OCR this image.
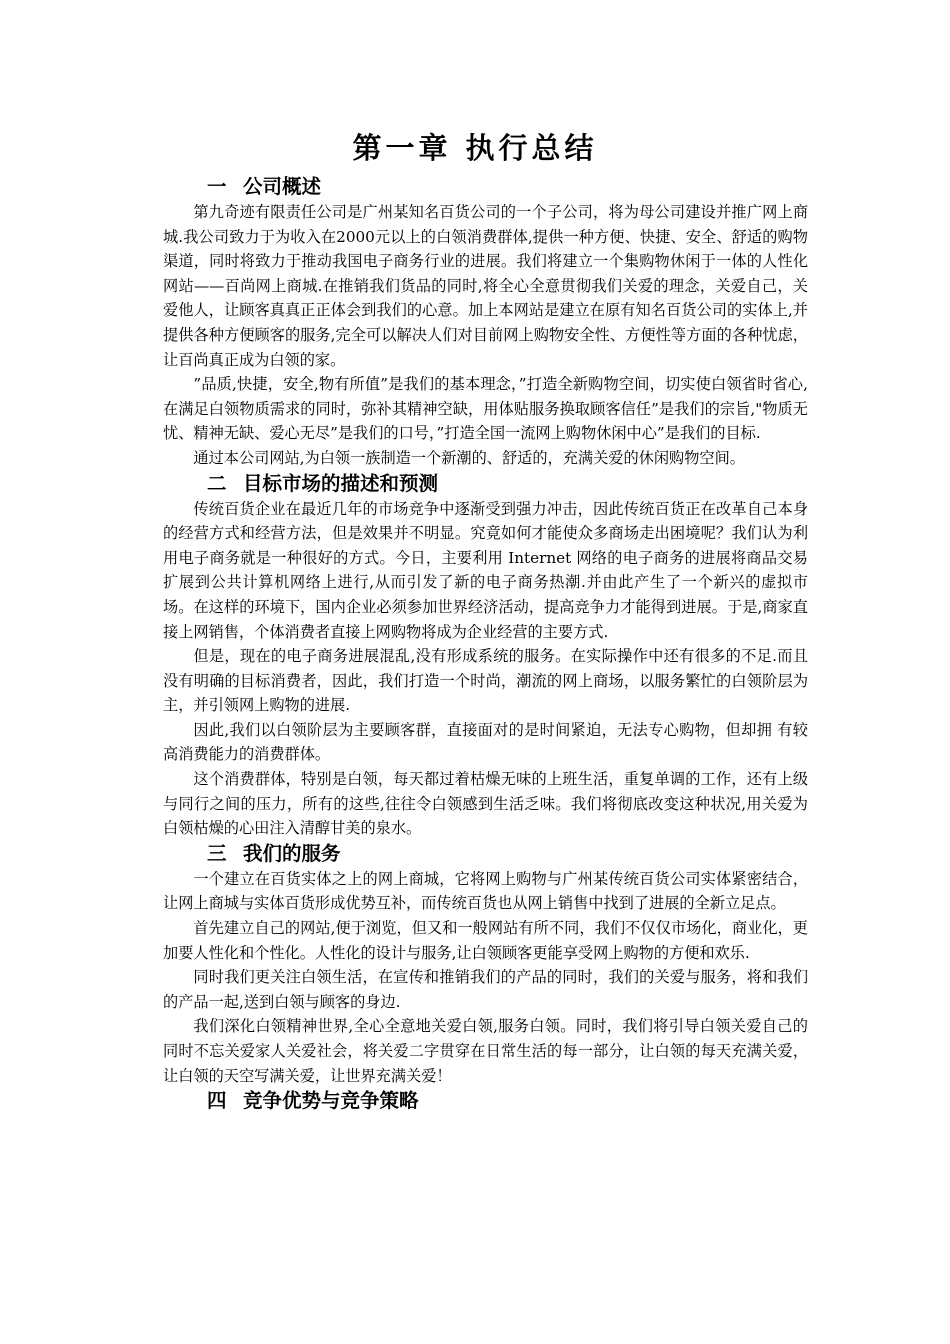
第一章 执行总结
一 公司概述

第九奇迹有限责任公司是广州某知名百货公司的一个子公司，将为母公司建设并推广网上商城.我公司致力于为收入在2000元以上的白领消费群体,提供一种方便、快捷、安全、舒适的购物渠道，同时将致力于推动我国电子商务行业的进展。我们将建立一个集购物休闲于一体的人性化网站——百尚网上商城.在推销我们货品的同时,将全心全意贯彻我们关爱的理念，关爱自己，关爱他人，让顾客真真正正体会到我们的心意。加上本网站是建立在原有知名百货公司的实体上,并提供各种方便顾客的服务,完全可以解决人们对目前网上购物安全性、方便性等方面的各种忧虑，让百尚真正成为白领的家。

”品质,快捷，安全,物有所值”是我们的基本理念，”打造全新购物空间，切实使白领省时省心,在满足白领物质需求的同时，弥补其精神空缺，用体贴服务换取顾客信任”是我们的宗旨,"物质无忧、精神无缺、爱心无尽”是我们的口号，”打造全国一流网上购物休闲中心”是我们的目标.

通过本公司网站,为白领一族制造一个新潮的、舒适的，充满关爱的休闲购物空间。

二 目标市场的描述和预测

传统百货企业在最近几年的市场竞争中逐渐受到强力冲击，因此传统百货正在改革自己本身的经营方式和经营方法，但是效果并不明显。究竟如何才能使众多商场走出困境呢？我们认为利用电子商务就是一种很好的方式。今日，主要利用 Internet 网络的电子商务的进展将商品交易扩展到公共计算机网络上进行,从而引发了新的电子商务热潮.并由此产生了一个新兴的虚拟市场。在这样的环境下，国内企业必须参加世界经济活动，提高竞争力才能得到进展。于是,商家直接上网销售，个体消费者直接上网购物将成为企业经营的主要方式.

但是，现在的电子商务进展混乱,没有形成系统的服务。在实际操作中还有很多的不足.而且没有明确的目标消费者，因此，我们打造一个时尚，潮流的网上商场，以服务繁忙的白领阶层为主，并引领网上购物的进展.

因此,我们以白领阶层为主要顾客群，直接面对的是时间紧迫，无法专心购物，但却拥 有较高消费能力的消费群体。

这个消费群体，特别是白领，每天都过着枯燥无味的上班生活，重复单调的工作，还有上级与同行之间的压力，所有的这些,往往令白领感到生活乏味。我们将彻底改变这种状况,用关爱为白领枯燥的心田注入清醇甘美的泉水。

三 我们的服务

一个建立在百货实体之上的网上商城，它将网上购物与广州某传统百货公司实体紧密结合，让网上商城与实体百货形成优势互补，而传统百货也从网上销售中找到了进展的全新立足点。

首先建立自己的网站,便于浏览，但又和一般网站有所不同，我们不仅仅市场化，商业化，更加要人性化和个性化。人性化的设计与服务,让白领顾客更能享受网上购物的方便和欢乐.

同时我们更关注白领生活，在宣传和推销我们的产品的同时，我们的关爱与服务，将和我们的产品一起,送到白领与顾客的身边.

我们深化白领精神世界,全心全意地关爱白领,服务白领。同时，我们将引导白领关爱自己的同时不忘关爱家人关爱社会，将关爱二字贯穿在日常生活的每一部分，让白领的每天充满关爱，让白领的天空写满关爱，让世界充满关爱！

四 竞争优势与竞争策略
